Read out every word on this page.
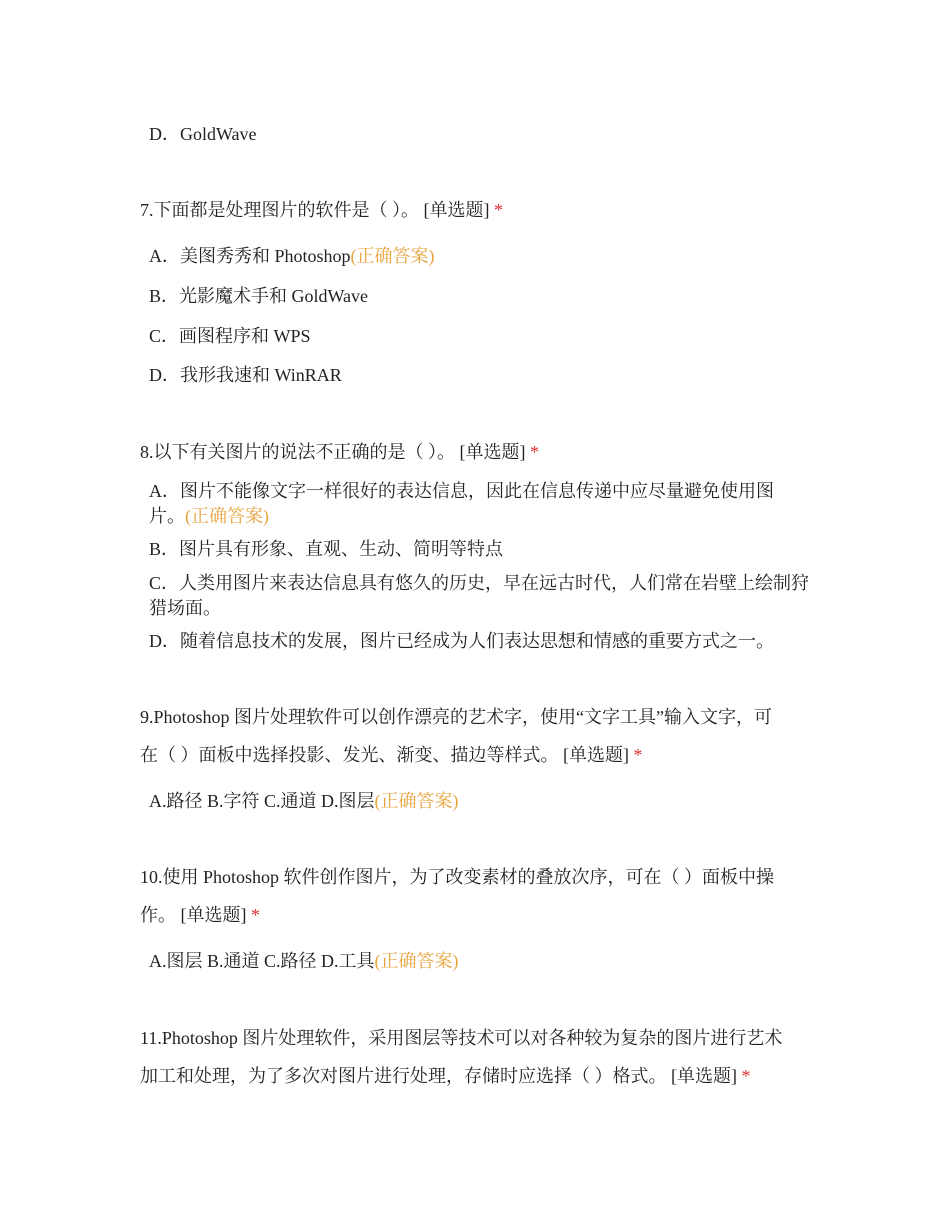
D．GoldWave
7.下面都是处理图片的软件是（ ）。 [单选题] *
A．美图秀秀和 Photoshop(正确答案)
B．光影魔术手和 GoldWave
C．画图程序和 WPS
D．我形我速和 WinRAR
8.以下有关图片的说法不正确的是（ ）。 [单选题] *
A．图片不能像文字一样很好的表达信息，因此在信息传递中应尽量避免使用图片。(正确答案)
B．图片具有形象、直观、生动、简明等特点
C．人类用图片来表达信息具有悠久的历史，早在远古时代，人们常在岩壁上绘制狩猎场面。
D．随着信息技术的发展，图片已经成为人们表达思想和情感的重要方式之一。
9.Photoshop 图片处理软件可以创作漂亮的艺术字，使用“文字工具”输入文字，可
在（ ）面板中选择投影、发光、渐变、描边等样式。 [单选题] *
A.路径 B.字符 C.通道 D.图层(正确答案)
10.使用 Photoshop 软件创作图片，为了改变素材的叠放次序，可在（ ）面板中操
作。 [单选题] *
A.图层 B.通道 C.路径 D.工具(正确答案)
11.Photoshop 图片处理软件，采用图层等技术可以对各种较为复杂的图片进行艺术
加工和处理，为了多次对图片进行处理，存储时应选择（ ）格式。 [单选题] *
